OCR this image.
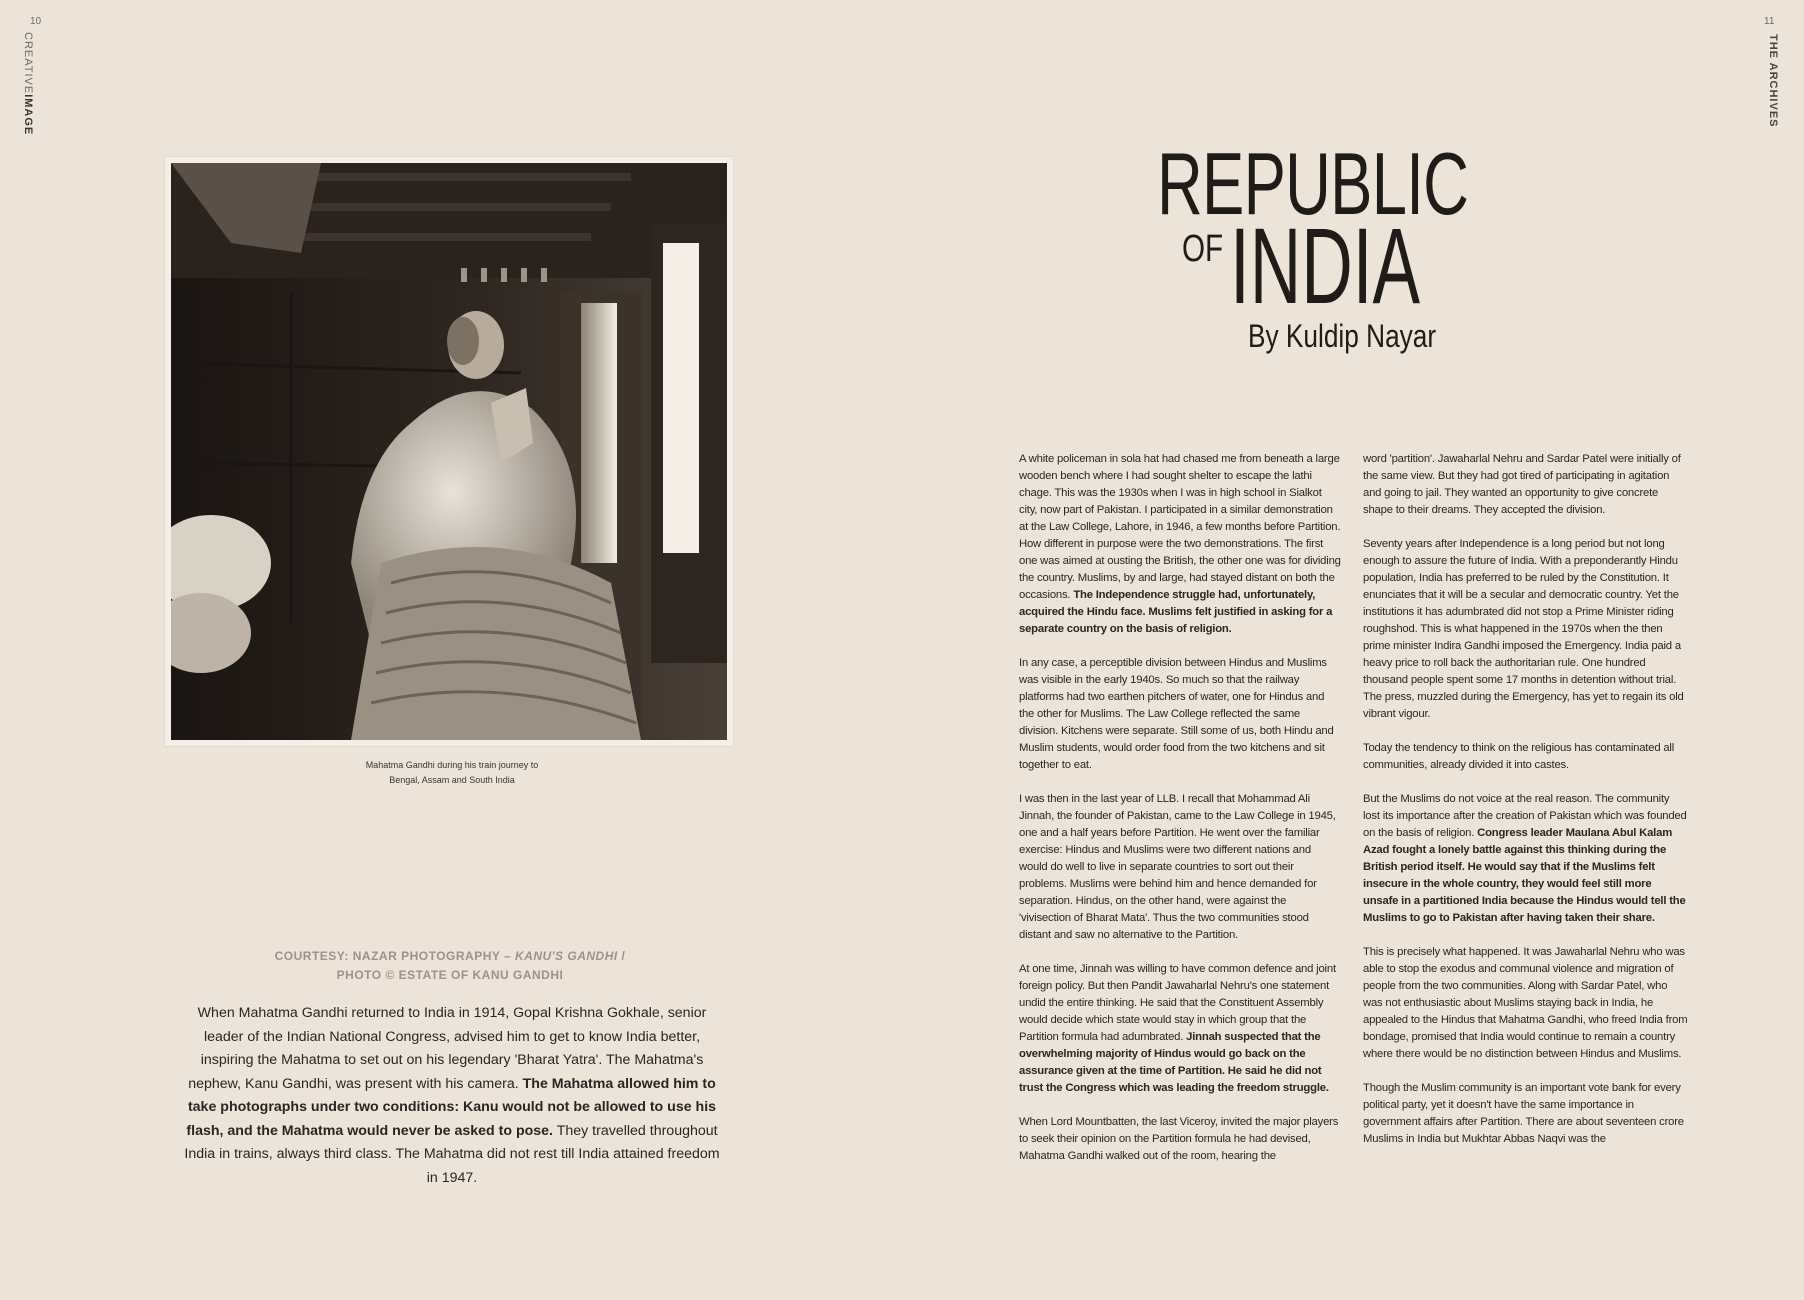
10
CREATIVEIMAGE
Mahatma Gandhi during his train journey to
Bengal, Assam and South India
COURTESY: NAZAR PHOTOGRAPHY – KANU'S GANDHI /
PHOTO © ESTATE OF KANU GANDHI
When Mahatma Gandhi returned to India in 1914, Gopal Krishna Gokhale, senior leader of the Indian National Congress, advised him to get to know India better, inspiring the Mahatma to set out on his legendary 'Bharat Yatra'. The Mahatma's nephew, Kanu Gandhi, was present with his camera. The Mahatma allowed him to take photographs under two conditions: Kanu would not be allowed to use his flash, and the Mahatma would never be asked to pose. They travelled throughout India in trains, always third class. The Mahatma did not rest till India attained freedom in 1947.
11
THE ARCHIVES
REPUBLIC
OF INDIA
By Kuldip Nayar

A white policeman in sola hat had chased me from beneath a large wooden bench where I had sought shelter to escape the lathi chage. This was the 1930s when I was in high school in Sialkot city, now part of Pakistan. I participated in a similar demonstration at the Law College, Lahore, in 1946, a few months before Partition. How different in purpose were the two demonstrations. The first one was aimed at ousting the British, the other one was for dividing the country. Muslims, by and large, had stayed distant on both the occasions. The Independence struggle had, unfortunately, acquired the Hindu face. Muslims felt justified in asking for a separate country on the basis of religion.

In any case, a perceptible division between Hindus and Muslims was visible in the early 1940s. So much so that the railway platforms had two earthen pitchers of water, one for Hindus and the other for Muslims. The Law College reflected the same division. Kitchens were separate. Still some of us, both Hindu and Muslim students, would order food from the two kitchens and sit together to eat.

I was then in the last year of LLB. I recall that Mohammad Ali Jinnah, the founder of Pakistan, came to the Law College in 1945, one and a half years before Partition. He went over the familiar exercise: Hindus and Muslims were two different nations and would do well to live in separate countries to sort out their problems. Muslims were behind him and hence demanded for separation. Hindus, on the other hand, were against the 'vivisection of Bharat Mata'. Thus the two communities stood distant and saw no alternative to the Partition.

At one time, Jinnah was willing to have common defence and joint foreign policy. But then Pandit Jawaharlal Nehru's one statement undid the entire thinking. He said that the Constituent Assembly would decide which state would stay in which group that the Partition formula had adumbrated. Jinnah suspected that the overwhelming majority of Hindus would go back on the assurance given at the time of Partition. He said he did not trust the Congress which was leading the freedom struggle.

When Lord Mountbatten, the last Viceroy, invited the major players to seek their opinion on the Partition formula he had devised, Mahatma Gandhi walked out of the room, hearing the

word 'partition'. Jawaharlal Nehru and Sardar Patel were initially of the same view. But they had got tired of participating in agitation and going to jail. They wanted an opportunity to give concrete shape to their dreams. They accepted the division.

Seventy years after Independence is a long period but not long enough to assure the future of India. With a preponderantly Hindu population, India has preferred to be ruled by the Constitution. It enunciates that it will be a secular and democratic country. Yet the institutions it has adumbrated did not stop a Prime Minister riding roughshod. This is what happened in the 1970s when the then prime minister Indira Gandhi imposed the Emergency. India paid a heavy price to roll back the authoritarian rule. One hundred thousand people spent some 17 months in detention without trial. The press, muzzled during the Emergency, has yet to regain its old vibrant vigour.

Today the tendency to think on the religious has contaminated all communities, already divided it into castes.

But the Muslims do not voice at the real reason. The community lost its importance after the creation of Pakistan which was founded on the basis of religion. Congress leader Maulana Abul Kalam Azad fought a lonely battle against this thinking during the British period itself. He would say that if the Muslims felt insecure in the whole country, they would feel still more unsafe in a partitioned India because the Hindus would tell the Muslims to go to Pakistan after having taken their share.

This is precisely what happened. It was Jawaharlal Nehru who was able to stop the exodus and communal violence and migration of people from the two communities. Along with Sardar Patel, who was not enthusiastic about Muslims staying back in India, he appealed to the Hindus that Mahatma Gandhi, who freed India from bondage, promised that India would continue to remain a country where there would be no distinction between Hindus and Muslims.

Though the Muslim community is an important vote bank for every political party, yet it doesn't have the same importance in government affairs after Partition. There are about seventeen crore Muslims in India but Mukhtar Abbas Naqvi was the
